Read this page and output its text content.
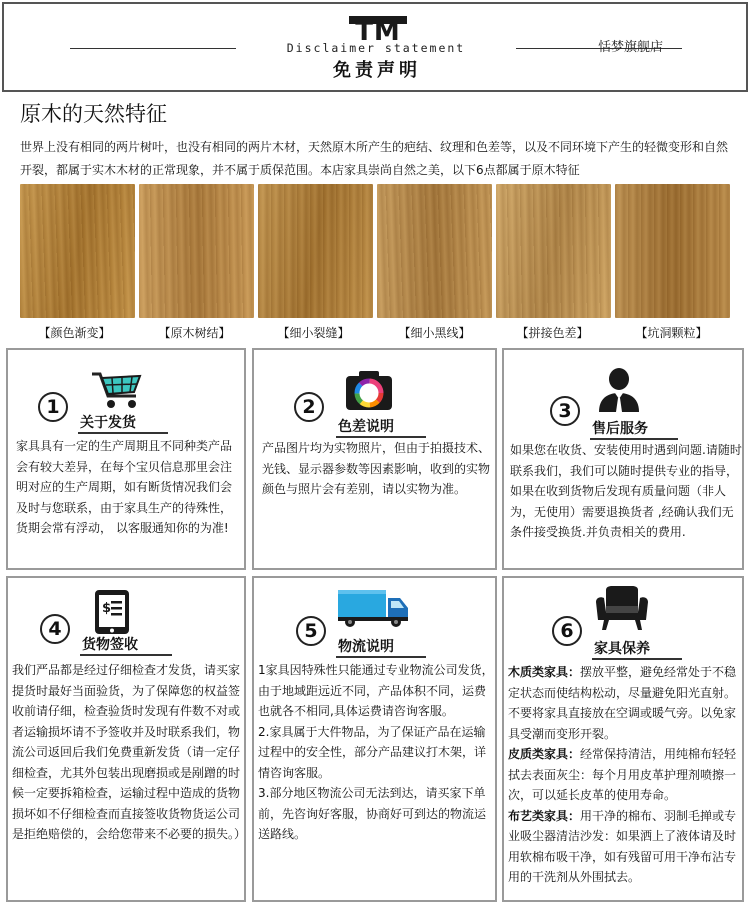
TM
Disclaimer statement
免责声明
恬梦旗舰店
原木的天然特征
世界上没有相同的两片树叶，也没有相同的两片木材，天然原木所产生的疤结、纹理和色差等，以及不同环境下产生的轻微变形和自然开裂，都属于实木木材的正常现象，并不属于质保范围。本店家具崇尚自然之美，以下6点都属于原木特征
【颜色渐变】	【原木树结】	【细小裂缝】	【细小黑线】	【拼接色差】	【坑洞颗粒】
1
关于发货
家具具有一定的生产周期且不同种类产品会有较大差异，在每个宝贝信息那里会注明对应的生产周期，如有断货情况我们会及时与您联系，由于家具生产的待殊性，货期会常有浮动， 以客服通知你的为准!
2
色差说明
产品图片均为实物照片，但由于拍摄技术、光钱、显示器参数等因素影响，收到的实物颜色与照片会有差别，请以实物为准。
3
售后服务
如果您在收货、安装使用时遇到问题.请随时联系我们，我们可以随时提供专业的指导，如果在收到货物后发现有质量问题（非人为，无使用）需要退换货者 ,经确认我们无条件接受换货.并负责相关的费用.
$
4
货物签收
我们严品都是经过仔细检查才发货，请买家提货时最好当面验货，为了保障您的权益签收前请仔细，检查验货时发现有件数不对或者运输损坏请不予签收并及时联系我们，物流公司返回后我们免费重新发货（请一定仔细检查，尤其外包装出现磨损或是剐蹭的时候一定要拆箱检查，运输过程中造成的货物损坏如不仔细检查而直接签收货物货运公司是拒绝赔偿的，会给您带来不必要的损失。）
5
物流说明

1家具因特殊性只能通过专业物流公司发货，由于地域距远近不同，产品体积不同，运费也就各不相同,具体运费请咨询客服。

2.家具属于大件物品，为了保证产品在运输过程中的安全性，部分产品建议打木架，详情咨询客服。

3.部分地区物流公司无法到达，请买家下单前，先咨询好客服，协商好可到达的物流运送路线。

6
家具保养

木质类家具：摆放平整，避免经常处于不稳定状态而使结构松动，尽量避免阳光直射。不要将家具直接放在空调或暖气旁。以免家具受潮而变形开裂。

皮质类家具：经常保持清洁，用纯棉布轻轻拭去表面灰尘：每个月用皮革护理剂喷擦一次，可以延长皮革的使用寿命。

布艺类家具：用干净的棉布、羽制毛掸或专业吸尘器清洁沙发：如果洒上了液体请及时用软棉布吸干净，如有残留可用干净布沾专用的干洗剂从外围拭去。
